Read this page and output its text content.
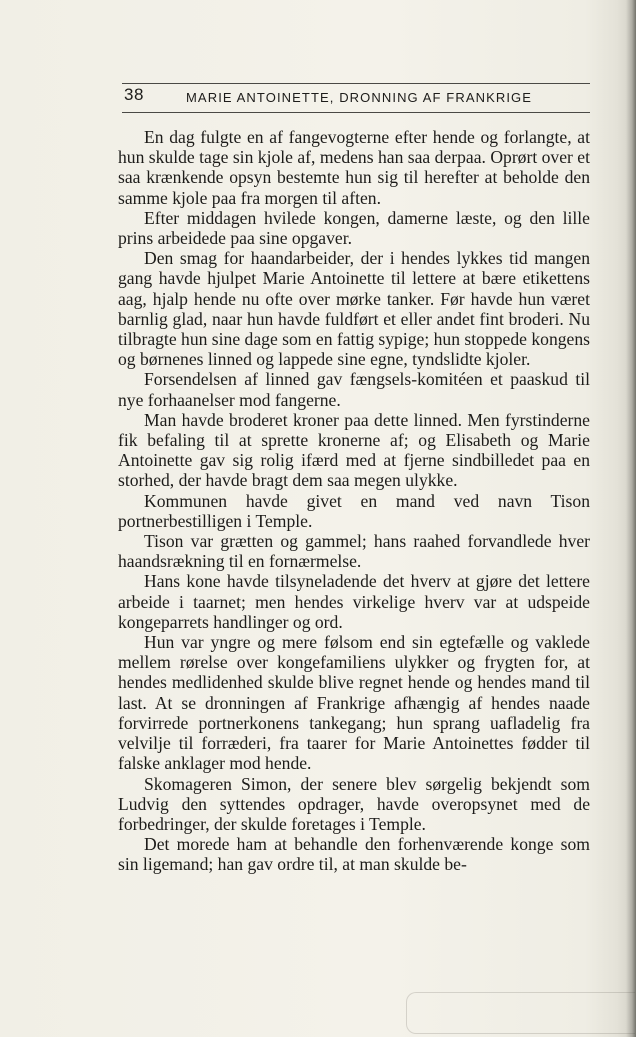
38	MARIE ANTOINETTE, DRONNING AF FRANKRIGE

En dag fulgte en af fangevogterne efter hende og forlangte, at hun skulde tage sin kjole af, medens han saa derpaa. Oprørt over et saa krænkende opsyn bestemte hun sig til herefter at beholde den samme kjole paa fra morgen til aften.

Efter middagen hvilede kongen, damerne læste, og den lille prins arbeidede paa sine opgaver.

Den smag for haandarbeider, der i hendes lykkes tid mangen gang havde hjulpet Marie Antoinette til lettere at bære etikettens aag, hjalp hende nu ofte over mørke tanker. Før havde hun været barnlig glad, naar hun havde fuldført et eller andet fint broderi. Nu tilbragte hun sine dage som en fattig sypige; hun stoppede kongens og børnenes linned og lappede sine egne, tyndslidte kjoler.

Forsendelsen af linned gav fængsels-komitéen et paaskud til nye forhaanelser mod fangerne.

Man havde broderet kroner paa dette linned. Men fyrstinderne fik befaling til at sprette kronerne af; og Elisabeth og Marie Antoinette gav sig rolig ifærd med at fjerne sindbilledet paa en storhed, der havde bragt dem saa megen ulykke.

Kommunen havde givet en mand ved navn Tison portnerbestilligen i Temple.

Tison var grætten og gammel; hans raahed forvandlede hver haandsrækning til en fornærmelse.

Hans kone havde tilsyneladende det hverv at gjøre det lettere arbeide i taarnet; men hendes virkelige hverv var at udspeide kongeparrets handlinger og ord.

Hun var yngre og mere følsom end sin egtefælle og vaklede mellem rørelse over kongefamiliens ulykker og frygten for, at hendes medlidenhed skulde blive regnet hende og hendes mand til last. At se dronningen af Frankrige afhængig af hendes naade forvirrede portnerkonens tankegang; hun sprang uafladelig fra velvilje til forræderi, fra taarer for Marie Antoinettes fødder til falske anklager mod hende.

Skomageren Simon, der senere blev sørgelig bekjendt som Ludvig den syttendes opdrager, havde overopsynet med de forbedringer, der skulde foretages i Temple.

Det morede ham at behandle den forhenværende konge som sin ligemand; han gav ordre til, at man skulde be-
